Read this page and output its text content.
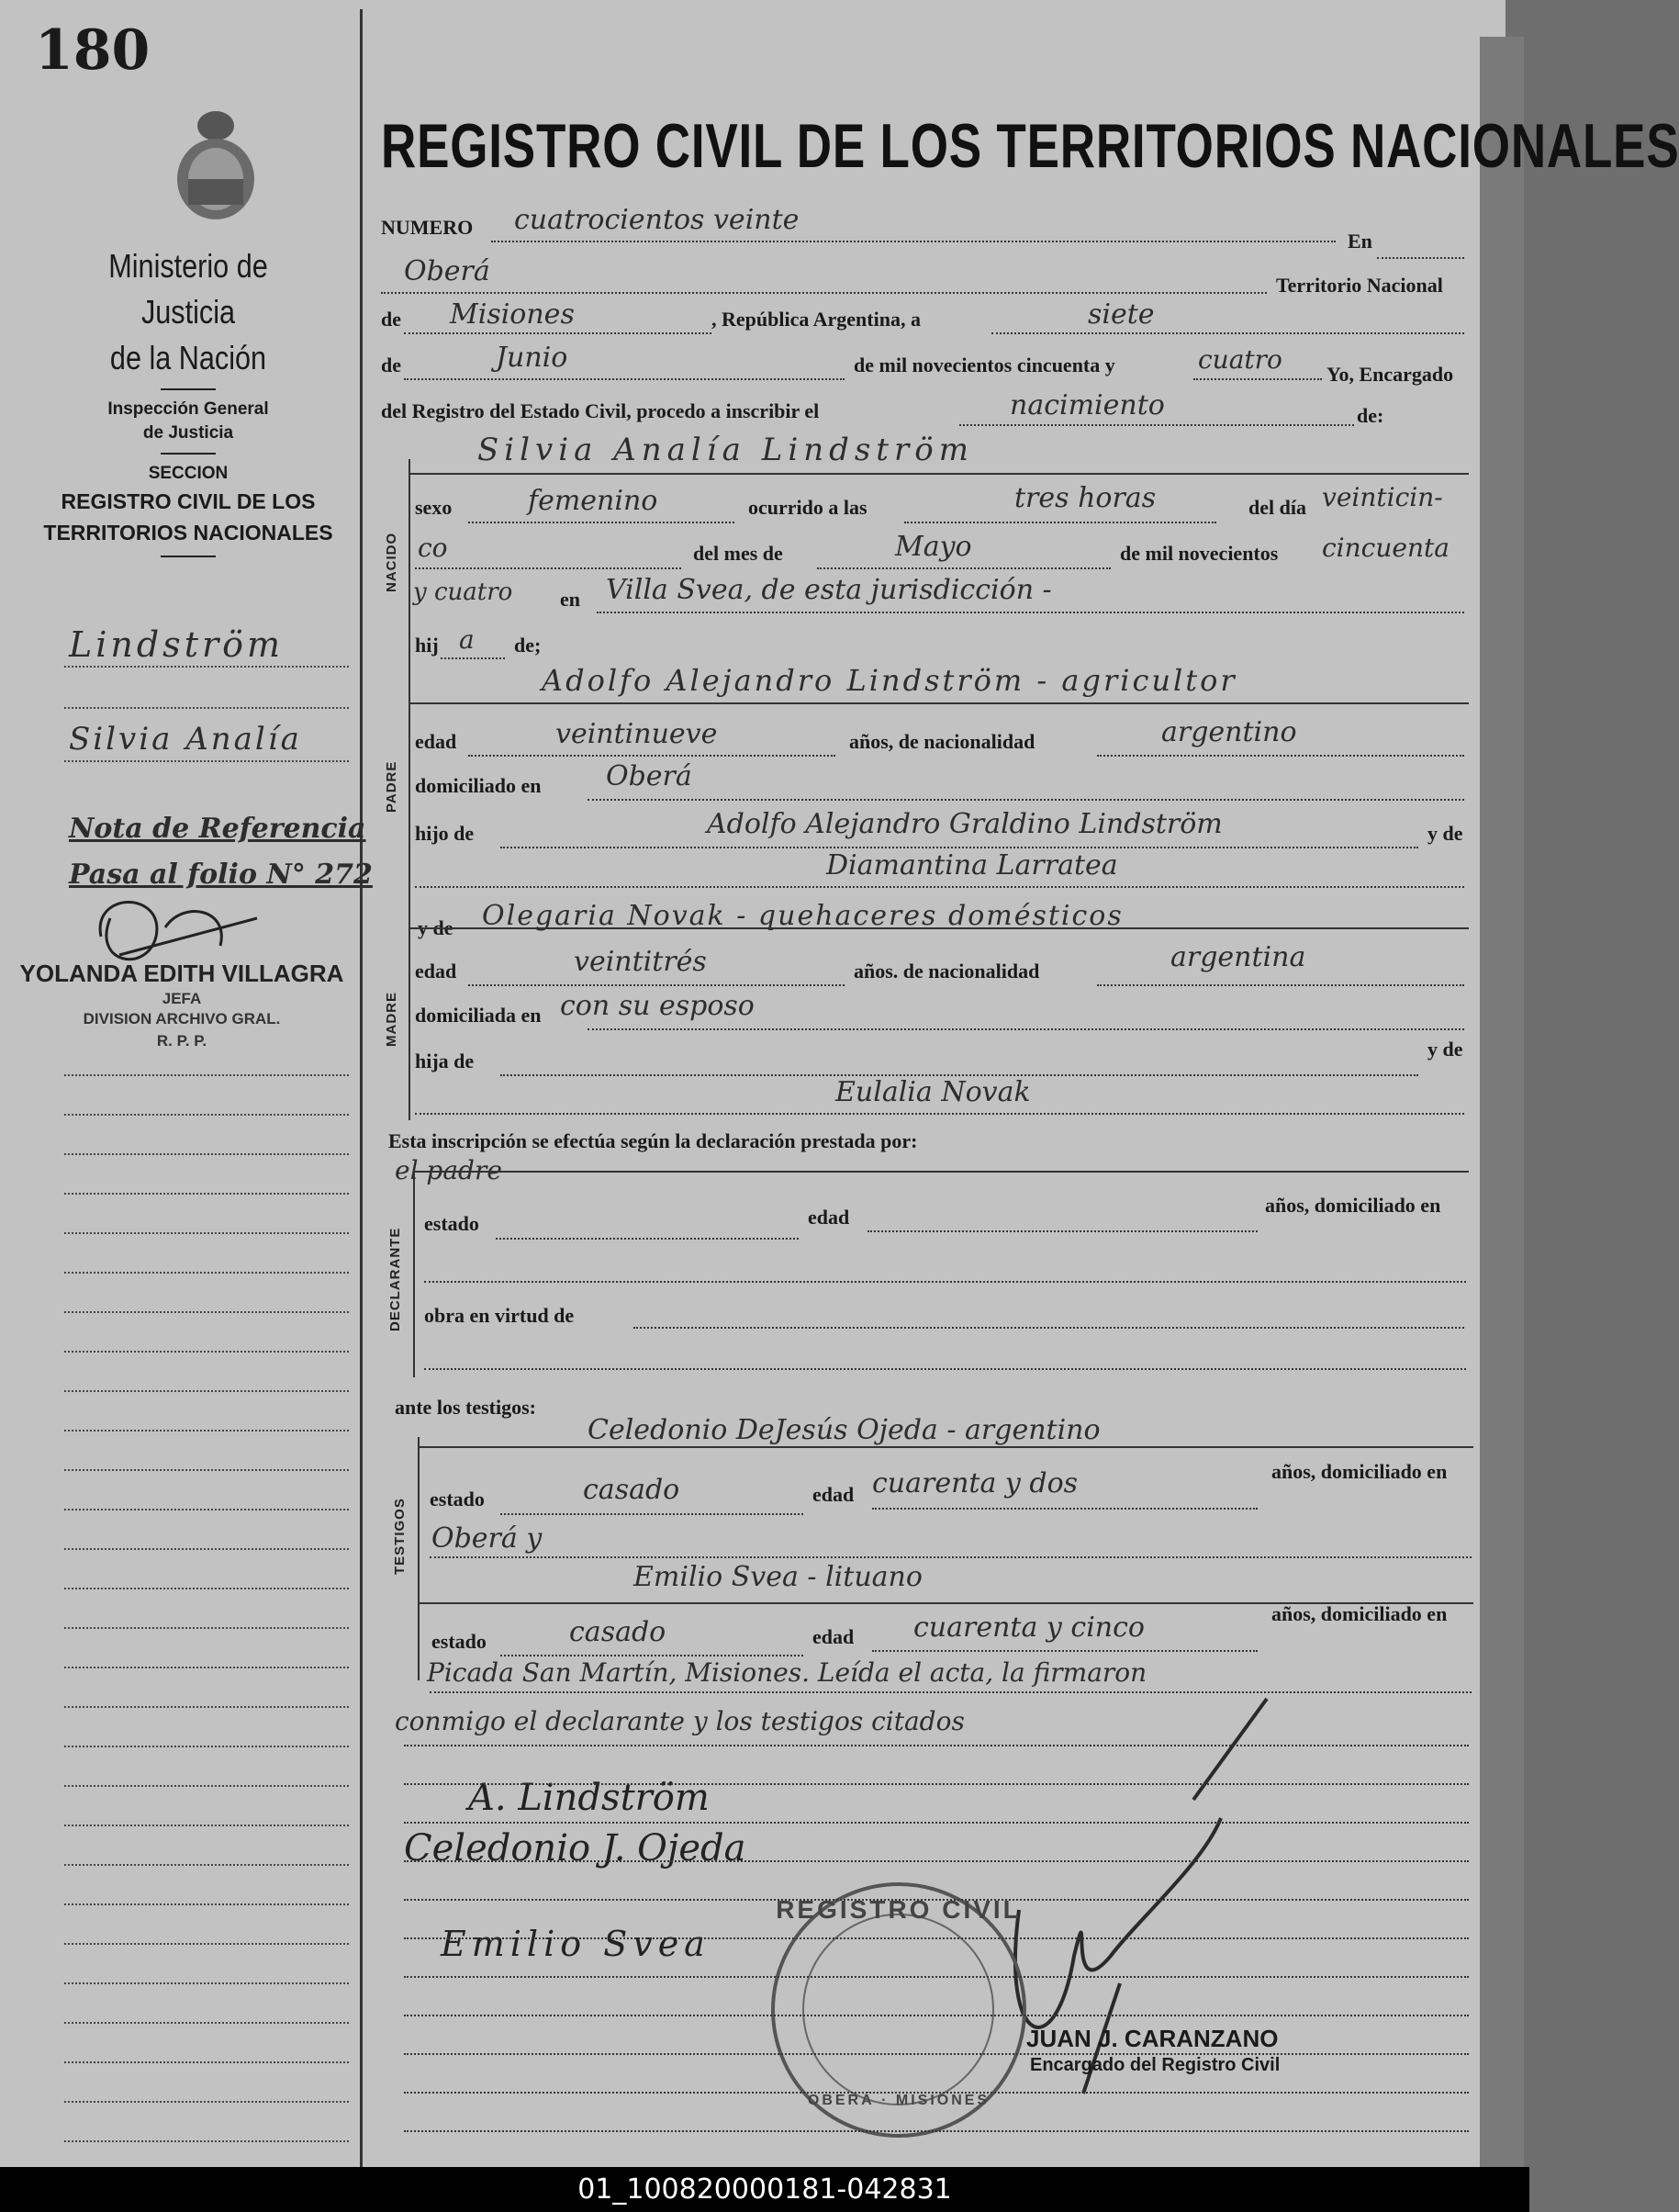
180
Ministerio de Justicia
de la Nación
Inspección General
de Justicia
SECCION
REGISTRO CIVIL DE LOS
TERRITORIOS NACIONALES
Lindström
Silvia Analía
Nota de Referencia
Pasa al folio N° 272
YOLANDA EDITH VILLAGRA
JEFA
DIVISION ARCHIVO GRAL.
R. P. P.
REGISTRO CIVIL DE LOS TERRITORIOS NACIONALES
NUMERO cuatrocientos veinte
En
Oberá	Territorio Nacional
de Misiones	, República Argentina, a	siete
de	Junio	de mil novecientos cincuenta y	cuatro Yo, Encargado
del Registro del Estado Civil, procedo a inscribir el	nacimiento	de:
NACIDO
Silvia Analía Lindström
sexo	femenino	ocurrido a las	tres horas	del día veinticin-
co	del mes de	Mayo	de mil novecientos cincuenta
y cuatro en Villa Svea, de esta jurisdicción -
hij a de;
PADRE
Adolfo Alejandro Lindström - agricultor
edad	veintinueve	años, de nacionalidad	argentino
domiciliado en Oberá
hijo de	Adolfo Alejandro Graldino Lindström	y de
Diamantina Larratea
MADRE
y de Olegaria Novak - quehaceres domésticos
edad	veintitrés	años. de nacionalidad	argentina
domiciliada en con su esposo
hija de
y de
Eulalia Novak
Esta inscripción se efectúa según la declaración prestada por:
el padre
DECLARANTE
estado	edad
años, domiciliado en
obra en virtud de
ante los testigos:
TESTIGOS
Celedonio DeJesús Ojeda - argentino
estado	casado	edad cuarenta y dos	años, domiciliado en
Oberá y
Emilio Svea - lituano
estado	casado	edad cuarenta y cinco	años, domiciliado en
Picada San Martín, Misiones. Leída el acta, la firmaron
conmigo el declarante y los testigos citados
A. Lindström
Celedonio J. Ojeda
Emilio Svea
REGISTRO CIVIL
OBERÁ · MISIONES
JUAN J. CARANZANO
Encargado del Registro Civil
01_100820000181-042831
